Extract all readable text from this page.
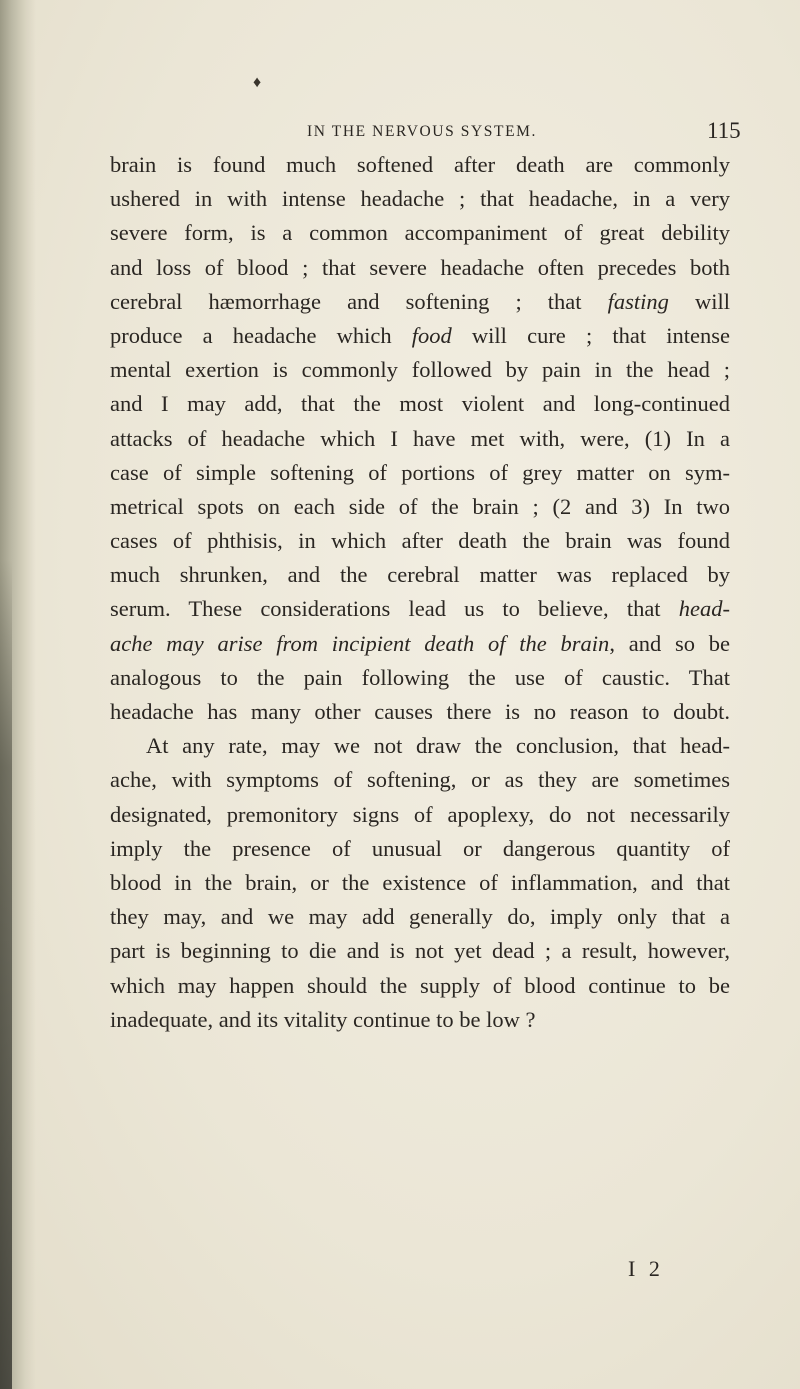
♦
IN THE NERVOUS SYSTEM.	115
brain is found much softened after death are commonly
ushered in with intense headache ; that headache, in a very
severe form, is a common accompaniment of great debility
and loss of blood ; that severe headache often precedes both
cerebral hæmorrhage and softening ; that fasting will
produce a headache which food will cure ; that intense
mental exertion is commonly followed by pain in the head ;
and I may add, that the most violent and long-continued
attacks of headache which I have met with, were, (1) In a
case of simple softening of portions of grey matter on sym-
metrical spots on each side of the brain ; (2 and 3) In two
cases of phthisis, in which after death the brain was found
much shrunken, and the cerebral matter was replaced by
serum. These considerations lead us to believe, that head-
ache may arise from incipient death of the brain, and so be
analogous to the pain following the use of caustic. That
headache has many other causes there is no reason to doubt.
At any rate, may we not draw the conclusion, that head-
ache, with symptoms of softening, or as they are sometimes
designated, premonitory signs of apoplexy, do not necessarily
imply the presence of unusual or dangerous quantity of
blood in the brain, or the existence of inflammation, and that
they may, and we may add generally do, imply only that a
part is beginning to die and is not yet dead ; a result, however,
which may happen should the supply of blood continue to be
inadequate, and its vitality continue to be low ?
I 2
